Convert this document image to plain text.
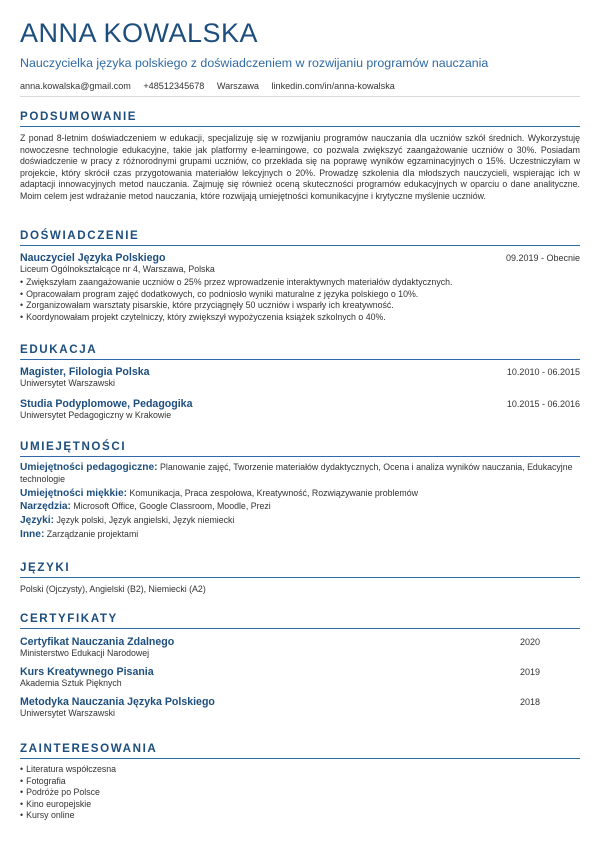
ANNA KOWALSKA
Nauczycielka języka polskiego z doświadczeniem w rozwijaniu programów nauczania
anna.kowalska@gmail.com +48512345678 Warszawa linkedin.com/in/anna-kowalska
PODSUMOWANIE
Z ponad 8-letnim doświadczeniem w edukacji, specjalizuję się w rozwijaniu programów nauczania dla uczniów szkół średnich. Wykorzystuję nowoczesne technologie edukacyjne, takie jak platformy e-learningowe, co pozwala zwiększyć zaangażowanie uczniów o 30%. Posiadam doświadczenie w pracy z różnorodnymi grupami uczniów, co przekłada się na poprawę wyników egzaminacyjnych o 15%. Uczestniczyłam w projekcie, który skrócił czas przygotowania materiałów lekcyjnych o 20%. Prowadzę szkolenia dla młodszych nauczycieli, wspierając ich w adaptacji innowacyjnych metod nauczania. Zajmuję się również oceną skuteczności programów edukacyjnych w oparciu o dane analityczne. Moim celem jest wdrażanie metod nauczania, które rozwijają umiejętności komunikacyjne i krytyczne myślenie uczniów.
DOŚWIADCZENIE
Nauczyciel Języka Polskiego	09.2019 - Obecnie
Liceum Ogólnokształcące nr 4, Warszawa, Polska
• Zwiększyłam zaangażowanie uczniów o 25% przez wprowadzenie interaktywnych materiałów dydaktycznych.
• Opracowałam program zajęć dodatkowych, co podniosło wyniki maturalne z języka polskiego o 10%.
• Zorganizowałam warsztaty pisarskie, które przyciągnęły 50 uczniów i wsparły ich kreatywność.
• Koordynowałam projekt czytelniczy, który zwiększył wypożyczenia książek szkolnych o 40%.
EDUKACJA
Magister, Filologia Polska	10.2010 - 06.2015
Uniwersytet Warszawski
Studia Podyplomowe, Pedagogika	10.2015 - 06.2016
Uniwersytet Pedagogiczny w Krakowie
UMIEJĘTNOŚCI
Umiejętności pedagogiczne: Planowanie zajęć, Tworzenie materiałów dydaktycznych, Ocena i analiza wyników nauczania, Edukacyjne technologie
Umiejętności miękkie: Komunikacja, Praca zespołowa, Kreatywność, Rozwiązywanie problemów
Narzędzia: Microsoft Office, Google Classroom, Moodle, Prezi
Języki: Język polski, Język angielski, Język niemiecki
Inne: Zarządzanie projektami
JĘZYKI
Polski (Ojczysty), Angielski (B2), Niemiecki (A2)
CERTYFIKATY
Certyfikat Nauczania Zdalnego	2020
Ministerstwo Edukacji Narodowej
Kurs Kreatywnego Pisania	2019
Akademia Sztuk Pięknych
Metodyka Nauczania Języka Polskiego	2018
Uniwersytet Warszawski
ZAINTERESOWANIA
• Literatura współczesna
• Fotografia
• Podróże po Polsce
• Kino europejskie
• Kursy online
